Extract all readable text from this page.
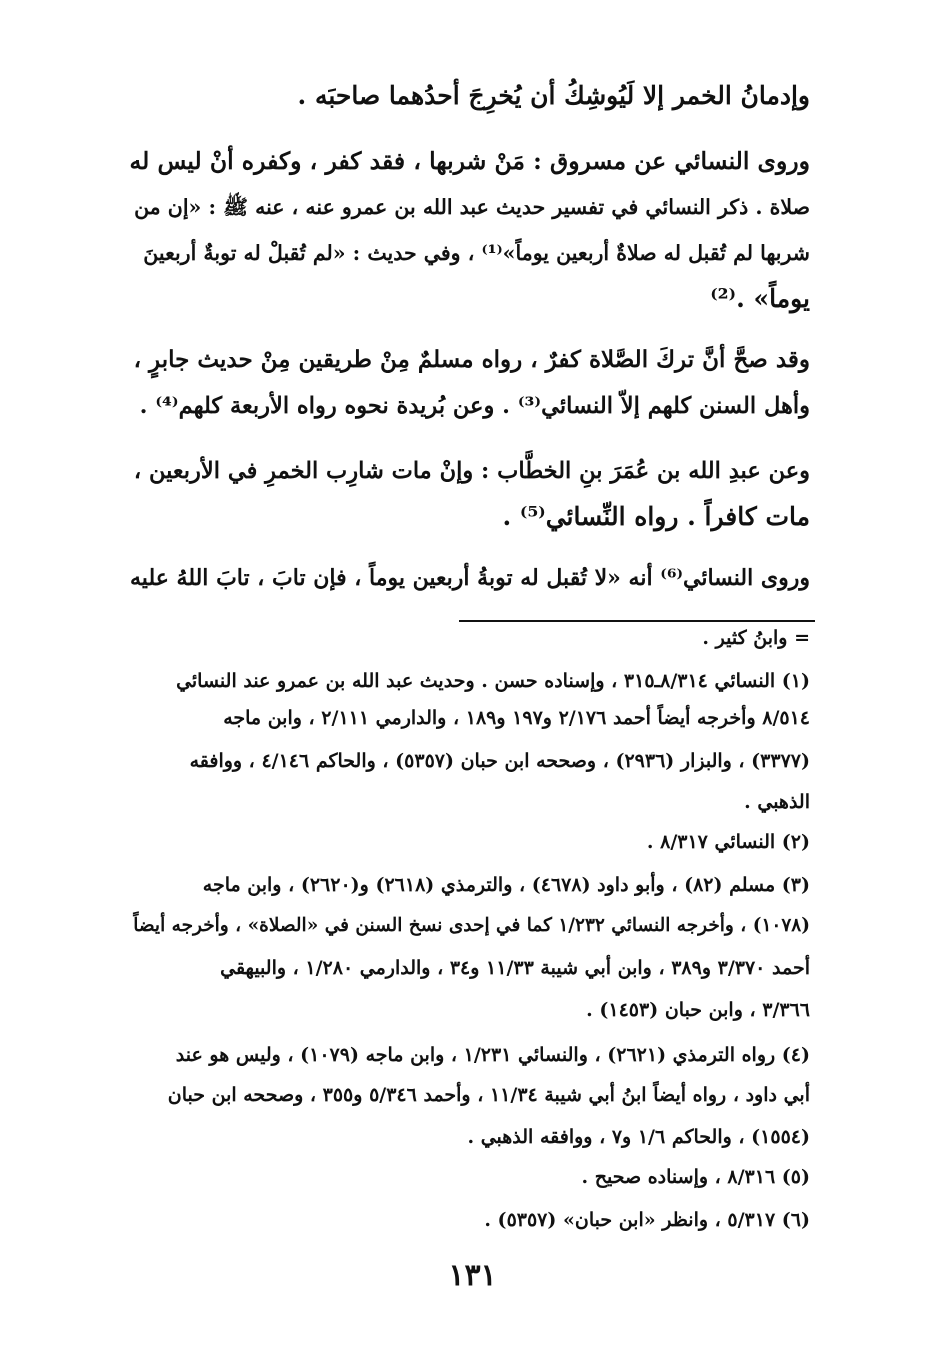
وإدمانُ الخمر إلا لَيُوشِكُ أن يُخرِجَ أحدُهما صاحبَه .

وروى النسائي عن مسروق : مَنْ شربها ، فقد كفر ، وكفره أنْ ليس له

صلاة . ذكر النسائي في تفسير حديث عبد الله بن عمرو عنه ، عنه ﷺ : «إن من

شربها لم تُقبل له صلاةٌ أربعين يوماً»⁽¹⁾ ، وفي حديث : «لم تُقبلْ له توبةٌ أربعينَ

يوماً» .⁽²⁾

وقد صحَّ أنَّ تركَ الصَّلاة كفرٌ ، رواه مسلمٌ مِنْ طريقين مِنْ حديث جابرٍ ،

وأهل السنن كلهم إلاّ النسائي⁽³⁾ . وعن بُريدة نحوه رواه الأربعة كلهم⁽⁴⁾ .

وعن عبدِ الله بن عُمَرَ بنِ الخطَّاب : وإنْ مات شارِب الخمرِ في الأربعين ،

مات كافراً . رواه النِّسائي⁽⁵⁾ .

وروى النسائي⁽⁶⁾ أنه «لا تُقبل له توبةُ أربعين يوماً ، فإن تابَ ، تابَ اللهُ عليه

= وابنُ كثير .

(١) النسائي ٨/٣١٤ـ٣١٥ ، وإسناده حسن . وحديث عبد الله بن عمرو عند النسائي

٨/٥١٤ وأخرجه أيضاً أحمد ٢/١٧٦ و١٩٧ و١٨٩ ، والدارمي ٢/١١١ ، وابن ماجه

(٣٣٧٧) ، والبزار (٢٩٣٦) ، وصححه ابن حبان (٥٣٥٧) ، والحاكم ٤/١٤٦ ، ووافقه

الذهبي .

(٢) النسائي ٨/٣١٧ .

(٣) مسلم (٨٢) ، وأبو داود (٤٦٧٨) ، والترمذي (٢٦١٨) و(٢٦٢٠) ، وابن ماجه

(١٠٧٨) ، وأخرجه النسائي ١/٢٣٢ كما في إحدى نسخ السنن في «الصلاة» ، وأخرجه أيضاً

أحمد ٣/٣٧٠ و٣٨٩ ، وابن أبي شيبة ١١/٣٣ و٣٤ ، والدارمي ١/٢٨٠ ، والبيهقي

٣/٣٦٦ ، وابن حبان (١٤٥٣) .

(٤) رواه الترمذي (٢٦٢١) ، والنسائي ١/٢٣١ ، وابن ماجه (١٠٧٩) ، وليس هو عند

أبي داود ، رواه أيضاً ابنُ أبي شيبة ١١/٣٤ ، وأحمد ٥/٣٤٦ و٣٥٥ ، وصححه ابن حبان

(١٥٥٤) ، والحاكم ١/٦ و٧ ، ووافقه الذهبي .

(٥) ٨/٣١٦ ، وإسناده صحيح .

(٦) ٥/٣١٧ ، وانظر «ابن حبان» (٥٣٥٧) .

١٣١
